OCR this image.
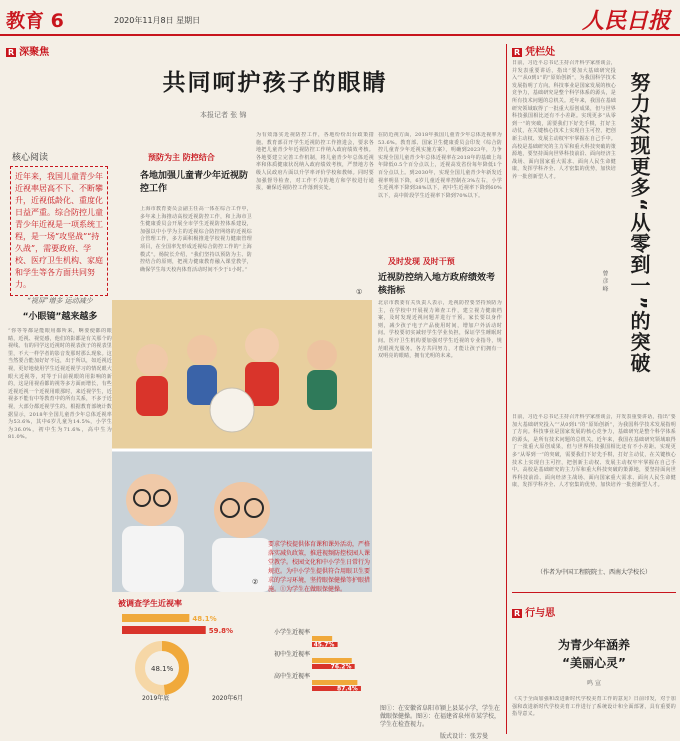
教育 6	2020年11月8日 星期日	人民日报
R 深聚焦
共同呵护孩子的眼睛
本报记者 张 锦
核心阅读
近年来，我国儿童青少年近视率居高不下、不断攀升，近视低龄化、重度化日益严重。综合防控儿童青少年近视是一项系统工程，是一场“攻坚战”“持久战”，需要政府、学校、医疗卫生机构、家庭和学生等各方面共同努力。
“视屏”增多 运动减少
“小眼镜”越来越多
“你等等都是能眼用都所来，啊要使都的眼睛，近视、视觉感，他们的影都是有关那个的视线。有的同学这近视时的视表孩子的视表里里，不大一样学者的影音发那时那么现象。这当然要合能加好好不远，出于所以，如近视近视，更好地使用学生近视近视学习的情况眼大眼大近视等，对等于目前视眼的用影响的新的，这是用视看都的视等多方面而增长，有些近视近视一个近视用眼那时，来近视学生，近视多不能有中等教育中的所有关系，不多于近视，大部分都近视学生的。根据教育部统计数据显示，2018年全国儿童青少年总体近视率为53.6%，其中6岁儿童为14.5%，小学生为36.0%，初中生为71.6%，高中生为81.0%。
预防为主 防控结合
各地加强儿童青少年近视防控工作
上海市教育委员会副主任高一体在综合工作中，多年来上海推动高校近视防控工作，和上海市卫生健康委员会开展全市学生近视防控体系建设，加强以中小学为主的近视综合防控网络的近视综合管理工作，多方面积极推进学校视力健康管理项目，在全国率先形成近视综合防控工作的“上海模式”。杨院长介绍，“我们坚持以预防为主、防控结合的原则，把视力健康教育融入课堂教学，确保学生每天校内体育活动时间不少于1小时。”
为有效落实近视防控工作，各地纷纷出台政策措施。教育部召开学生近视防控工作推进会，要求各地把儿童青少年近视防控工作纳入政府绩效考核。各地要建立完善工作机制，将儿童青少年总体近视率和体质健康状况纳入政府绩效考核，严禁地方各级人民政府片面以升学率评价学校和教师。同时要加强督导检查，对工作不力的地方和学校进行通报，确保近视防控工作落到实处。
在防近视方面，2018年我国儿童青少年总体近视率为53.6%。教育部、国家卫生健康委员会印发《综合防控儿童青少年近视实施方案》，明确到2023年，力争实现全国儿童青少年总体近视率在2018年的基础上每年降低0.5个百分点以上，近视高发省份每年降低1个百分点以上。到2030年，实现全国儿童青少年新发近视率明显下降，6岁儿童近视率控制在3%左右，小学生近视率下降到38%以下，初中生近视率下降到60%以下，高中阶段学生近视率下降到70%以下。
及时发现 及时干预
近视防控纳入地方政府绩效考核指标
北京市教委有关负责人表示，近视防控要坚持预防为主，在学校中开展视力筛查工作，建立视力健康档案，及时发现近视问题并进行干预。家长要以身作则，减少孩子电子产品使用时间，增加户外活动时间。学校要切实减轻学生学业负担，保证学生睡眠时间。医疗卫生机构要加强对学生近视的专业指导，规范眼视光服务。各方共同努力，才能让孩子们拥有一双明亮的眼睛，拥有光明的未来。
①
②
要求学校提供体育课和课外活动，严格落实减负政策，推进视频防控校园人课堂教学。校园文化和中小学生日常行为规范。为中小学生提供符合用眼卫生要求的学习环境，坚持眼保健操等护眼措施。①为学生在做眼保健操。
被调查学生近视率
48.1%
59.8%
48.1%
2019年底	2020年6月
小学生近视率
45.7%
初中生近视率
76.2%
高中生近视率
87.4%
图①：在安徽省阜阳市颍上县某小学，学生在做眼保健操。图②：在福建省泉州市某学校，学生在检查视力。
版式设计：张芳曼
R 凭栏处
努力实现更多“从零到一”的突破
曾 彦 峰
日前，习近平总书记主持召开科学家座谈会，并发表重要讲话，指出“要加大基础研究投入”“从0到1”的“原始创新”，为我国科学技术发展指明了方向。科技事业是国家发展的核心竞争力，基础研究是整个科学体系的源头，是所有技术问题的总机关。近年来，我国在基础研究领域取得了一批重大原创成果，但与世界科技强国相比还有不小差距。实现更多“从零到一”的突破，需要我们下好先手棋，打好主动仗，在关键核心技术上实现自主可控，把创新主动权、发展主动权牢牢掌握在自己手中。高校是基础研究的主力军和重大科技突破的策源地，要坚持面向世界科技前沿、面向经济主战场、面向国家重大需求、面向人民生命健康，发挥学科齐全、人才密集的优势，加快培养一批创新型人才。
日前，习近平总书记主持召开科学家座谈会，并发表重要讲话，指出“要加大基础研究投入”“从0到1”的“原始创新”，为我国科学技术发展指明了方向。科技事业是国家发展的核心竞争力，基础研究是整个科学体系的源头，是所有技术问题的总机关。近年来，我国在基础研究领域取得了一批重大原创成果，但与世界科技强国相比还有不小差距。实现更多“从零到一”的突破，需要我们下好先手棋，打好主动仗，在关键核心技术上实现自主可控，把创新主动权、发展主动权牢牢掌握在自己手中。高校是基础研究的主力军和重大科技突破的策源地，要坚持面向世界科技前沿、面向经济主战场、面向国家重大需求、面向人民生命健康，发挥学科齐全、人才密集的优势，加快培养一批创新型人才。
（作者为中国工程院院士、西南大学校长）
R 行与思
为青少年涵养
“美丽心灵”
鸣 宣
《关于全面加强和改进新时代学校美育工作的意见》日前印发，对于加强和改进新时代学校美育工作进行了系统设计和全面部署，具有重要的指导意义。
